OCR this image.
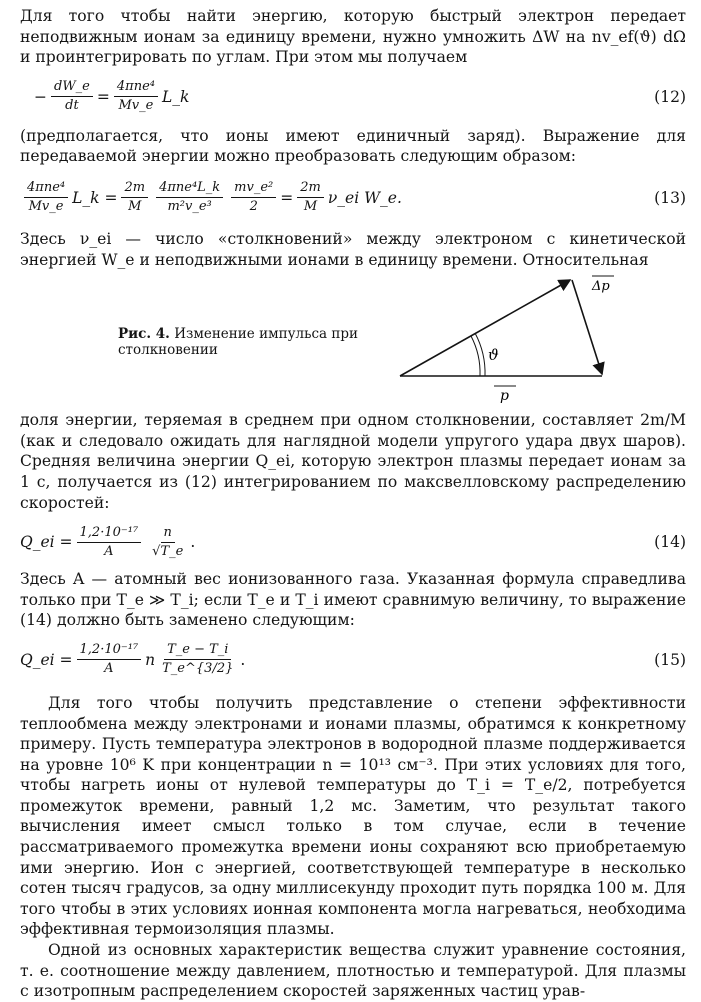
Для того чтобы найти энергию, которую быстрый электрон передает неподвижным ионам за единицу времени, нужно умножить ΔW на nv_ef(ϑ) dΩ и проинтегрировать по углам. При этом мы получаем

− $\frac{dW\_e}{dt} = \frac{\text{4πne⁴}}{Mv\_e}$ L_k	(12)

(предполагается, что ионы имеют единичный заряд). Выражение для передаваемой энергии можно преобразовать следующим образом:

$\frac{\text{4πne⁴}}{Mv\_e}$ L_k = $\frac{2m}{M} \frac{\text{4πne⁴L\_k}}{\text{m²v\_e³}} \frac{\text{mv\_e²}}{2} = \frac{2m}{M}$ ν_ei W_e.	(13)

Здесь ν_ei — число «столкновений» между электроном с кинетической энергией W_e и неподвижными ионами в единицу времени. Относительная

Рис. 4. Изменение импульса при столкновении	ϑ
Δp
p

доля энергии, теряемая в среднем при одном столкновении, составляет 2m/M (как и следовало ожидать для наглядной модели упругого удара двух шаров). Средняя величина энергии Q_ei, которую электрон плазмы передает ионам за 1 с, получается из (12) интегрированием по максвелловскому распределению скоростей:

Q_ei = $\frac{\text{1,2·10⁻¹⁷}}{A} \frac{n}{√T\_e}$ .	(14)

Здесь A — атомный вес ионизованного газа. Указанная формула справедлива только при T_e ≫ T_i; если T_e и T_i имеют сравнимую величину, то выражение (14) должно быть заменено следующим:

Q_ei = $\frac{\text{1,2·10⁻¹⁷}}{A}$ n $\frac{T\_e - T\_i}{T\_e\^{}\{3/2\}}$ .	(15)

Для того чтобы получить представление о степени эффективности теплообмена между электронами и ионами плазмы, обратимся к конкретному примеру. Пусть температура электронов в водородной плазме поддерживается на уровне 10⁶ K при концентрации n = 10¹³ см⁻³. При этих условиях для того, чтобы нагреть ионы от нулевой температуры до T_i = T_e/2, потребуется промежуток времени, равный 1,2 мс. Заметим, что результат такого вычисления имеет смысл только в том случае, если в течение рассматриваемого промежутка времени ионы сохраняют всю приобретаемую ими энергию. Ион с энергией, соответствующей температуре в несколько сотен тысяч градусов, за одну миллисекунду проходит путь порядка 100 м. Для того чтобы в этих условиях ионная компонента могла нагреваться, необходима эффективная термоизоляция плазмы.

Одной из основных характеристик вещества служит уравнение состояния, т. е. соотношение между давлением, плотностью и температурой. Для плазмы с изотропным распределением скоростей заряженных частиц урав-
